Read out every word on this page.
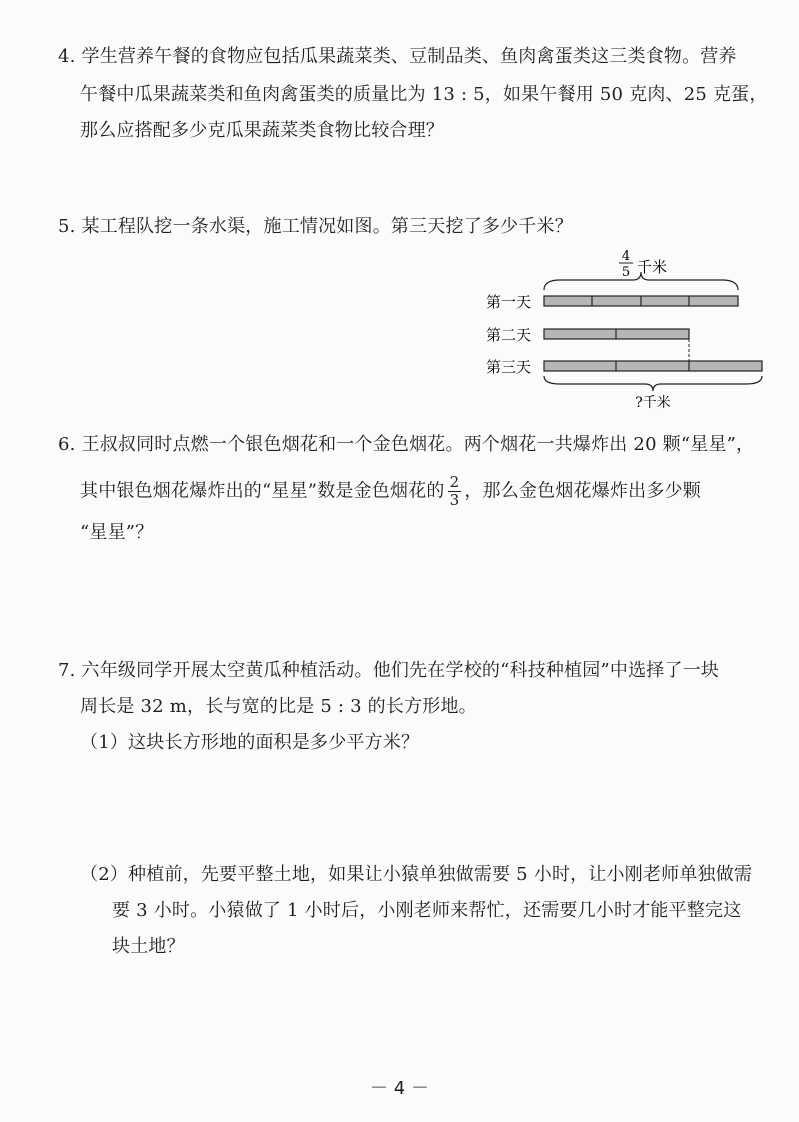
4. 学生营养午餐的食物应包括瓜果蔬菜类、豆制品类、鱼肉禽蛋类这三类食物。营养
午餐中瓜果蔬菜类和鱼肉禽蛋类的质量比为 13 : 5，如果午餐用 50 克肉、25 克蛋，
那么应搭配多少克瓜果蔬菜类食物比较合理？
5. 某工程队挖一条水渠，施工情况如图。第三天挖了多少千米？
4
5 千米
第一天
第二天
第三天
?千米
6. 王叔叔同时点燃一个银色烟花和一个金色烟花。两个烟花一共爆炸出 20 颗“星星”，
其中银色烟花爆炸出的“星星”数是金色烟花的 $\frac{2}{3}$ ，那么金色烟花爆炸出多少颗
“星星”？
7. 六年级同学开展太空黄瓜种植活动。他们先在学校的“科技种植园”中选择了一块
周长是 32 m，长与宽的比是 5 : 3 的长方形地。
（1）这块长方形地的面积是多少平方米？
（2）种植前，先要平整土地，如果让小猿单独做需要 5 小时，让小刚老师单独做需
要 3 小时。小猿做了 1 小时后，小刚老师来帮忙，还需要几小时才能平整完这
块土地？
－ 4 －
